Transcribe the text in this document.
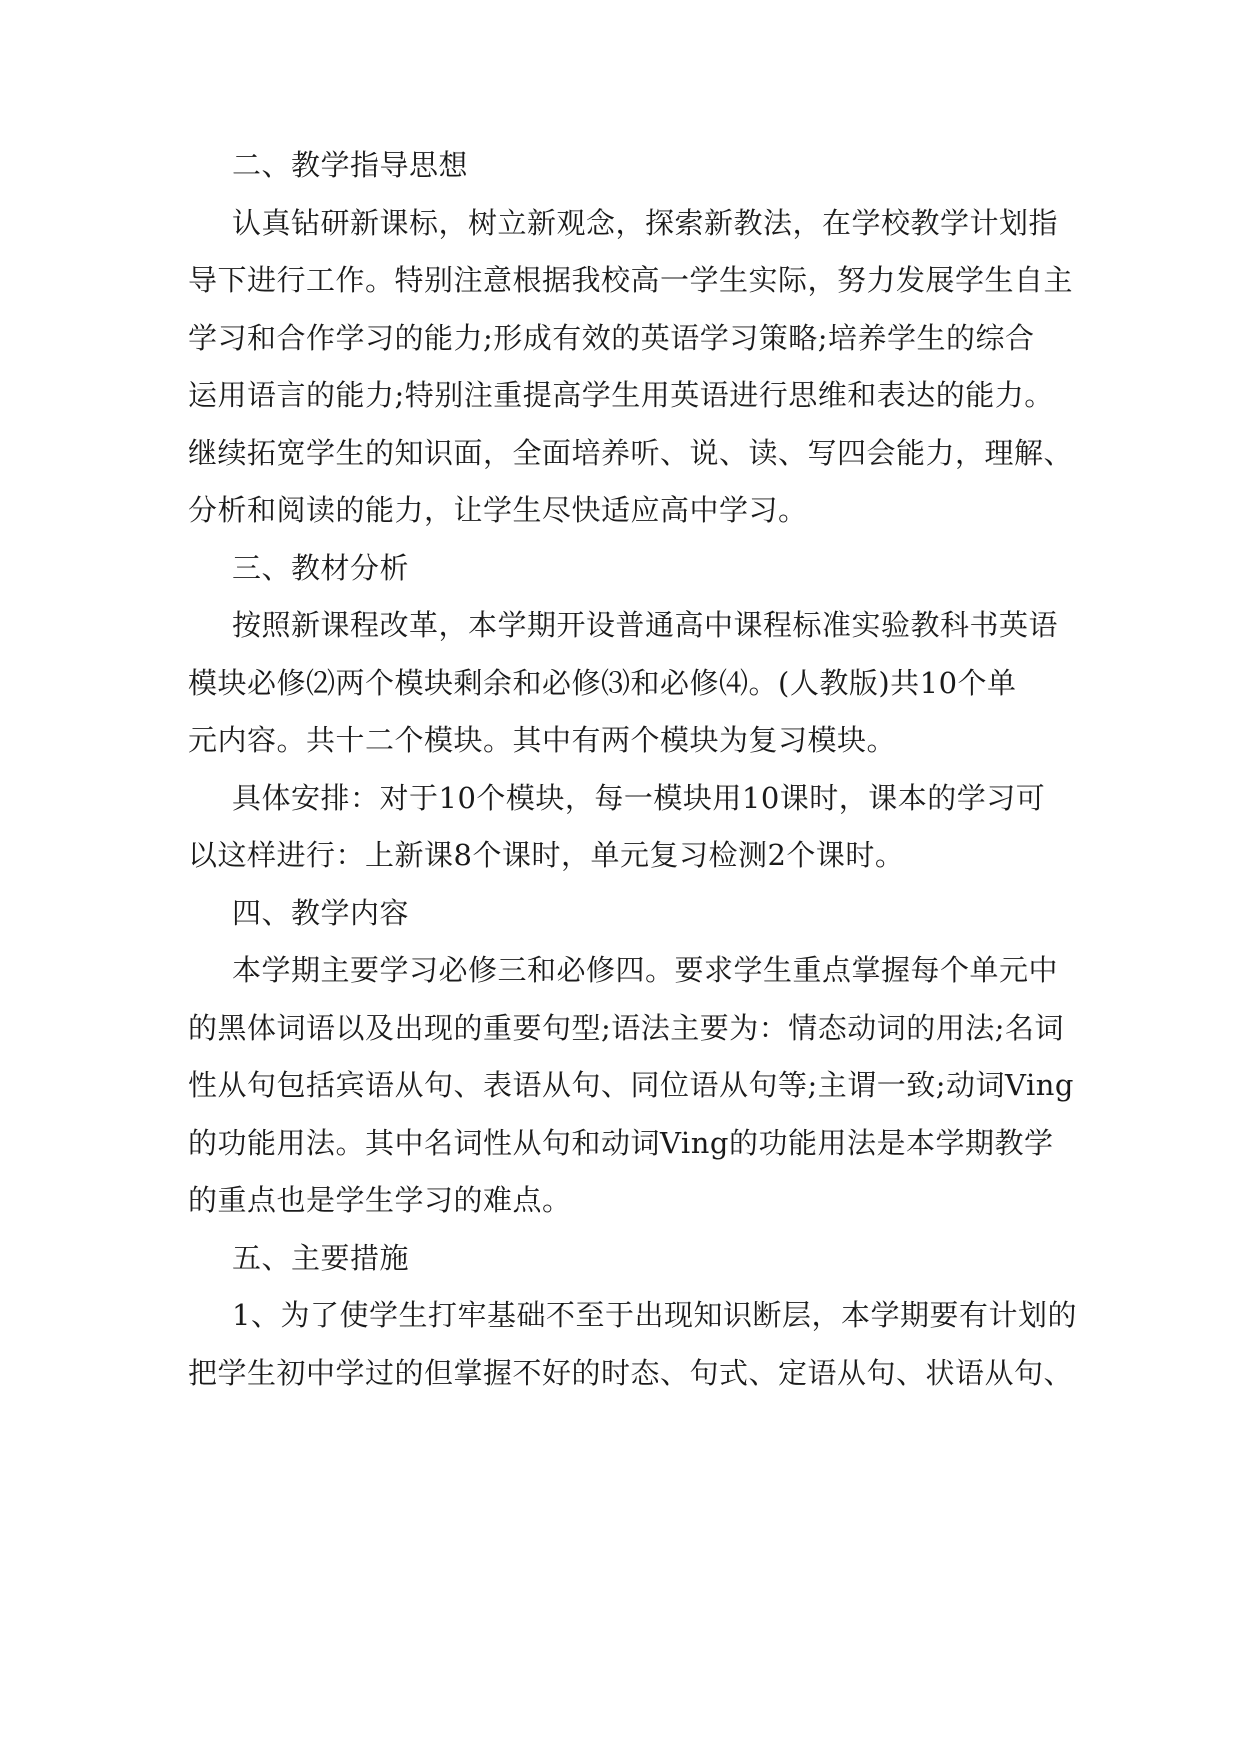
二、教学指导思想
认真钻研新课标，树立新观念，探索新教法，在学校教学计划指
导下进行工作。特别注意根据我校高一学生实际，努力发展学生自主
学习和合作学习的能力;形成有效的英语学习策略;培养学生的综合
运用语言的能力;特别注重提高学生用英语进行思维和表达的能力。
继续拓宽学生的知识面，全面培养听、说、读、写四会能力，理解、
分析和阅读的能力，让学生尽快适应高中学习。
三、教材分析
按照新课程改革，本学期开设普通高中课程标准实验教科书英语
模块必修⑵两个模块剩余和必修⑶和必修⑷。(人教版)共10个单
元内容。共十二个模块。其中有两个模块为复习模块。
具体安排：对于10个模块，每一模块用10课时，课本的学习可
以这样进行：上新课8个课时，单元复习检测2个课时。
四、教学内容
本学期主要学习必修三和必修四。要求学生重点掌握每个单元中
的黑体词语以及出现的重要句型;语法主要为：情态动词的用法;名词
性从句包括宾语从句、表语从句、同位语从句等;主谓一致;动词Ving
的功能用法。其中名词性从句和动词Ving的功能用法是本学期教学
的重点也是学生学习的难点。
五、主要措施
1、为了使学生打牢基础不至于出现知识断层，本学期要有计划的
把学生初中学过的但掌握不好的时态、句式、定语从句、状语从句、
